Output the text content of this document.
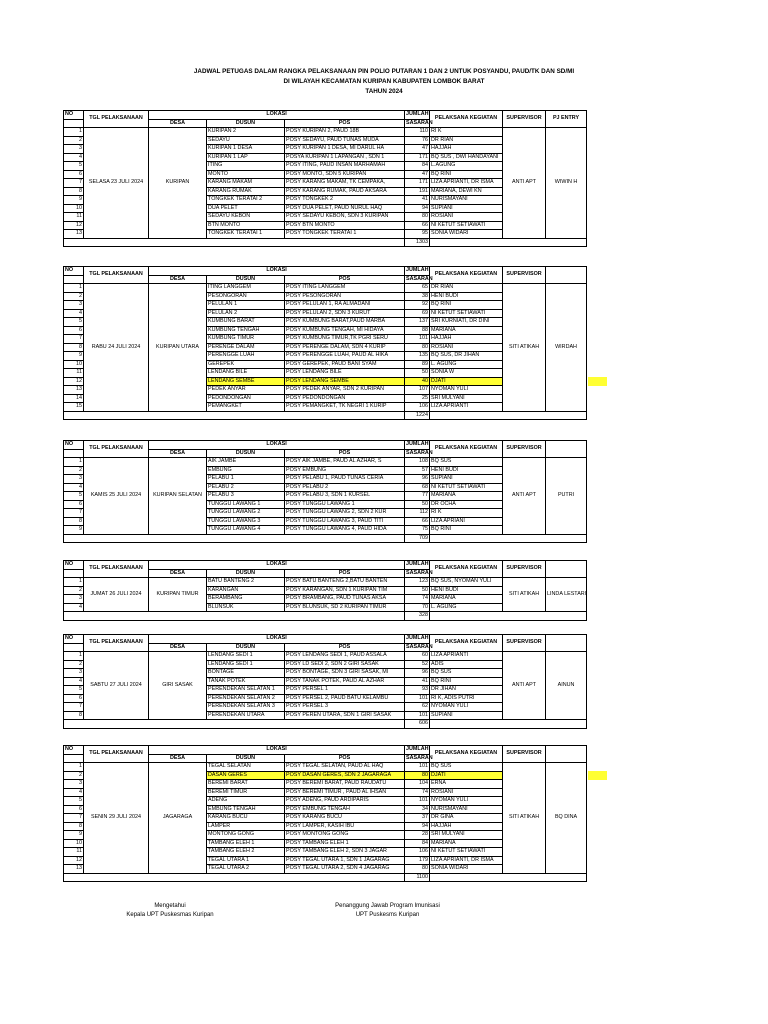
JADWAL PETUGAS DALAM RANGKA PELAKSANAAN PIN POLIO PUTARAN 1 DAN 2 UNTUK POSYANDU, PAUD/TK DAN SD/MI
DI WILAYAH KECAMATAN KURIPAN KABUPATEN LOMBOK BARAT
TAHUN 2024
NO	TGL PELAKSANAAN	LOKASI			JUMLAH	PELAKSANA KEGIATAN	SUPERVISOR	PJ ENTRY
		DESA	DUSUN	POS	SASARAN			
1	SELASA 23 JULI 2024	KURIPAN	KURIPAN 2	POSY KURIPAN 2, PAUD 18B	110	RI K	ANTI APT	WIWIN H
2			SEDAYU	POSY SEDAYU, PAUD TUNAS MUDA	76	DR RIAN		
3			KURIPAN 1 DESA	POSY KURIPAN 1 DESA, MI DARUL HA	47	HAJJAH		
4			KURIPAN 1 LAP	POSYA KURIPAN 1 LAPANGAN , SDN 1	171	BQ SUS , DWI HANDAYANI		
5			ITING	POSY ITING, PAUD INSAN MARHAMAH	84	L.AGUNG		
6			MONTO	POSY MONTO, SDN 5 KURIPAN	47	BQ RINI		
7			KARANG MAKAM	POSY KARANG MAKAM, TK CEMPAKA,	171	LIZA APRIANTI, DR ISMA		
8			KARANG RUMAK	POSY KARANG RUMAK, PAUD AKSARA	191	MARIANA, DEWI KN		
9			TONGKEK TERATAI 2	POSY TONGKEK 2	41	NURISMAYANI		
10			DUA PELET	POSY DUA PELET, PAUD NURUL HAQ	94	SUPIANI		
11			SEDAYU KEBON	POSY SEDAYU KEBON, SDN 3 KURIPAN	80	ROSIANI		
12			BTN MONTO	POSY BTN MONTO	66	NI KETUT SETIAWATI		
13			TONGKEK TERATAI 1	POSY TONGKEK TERATAI 1	95	SONIA WIDARI		
					1303			
NO	TGL PELAKSANAAN	LOKASI			JUMLAH	PELAKSANA KEGIATAN	SUPERVISOR	
		DESA	DUSUN	POS	SASARAN			
1	RABU 24 JULI 2024	KURIPAN UTARA	ITING LANGGEM	POSY ITING LANGGEM	65	DR RIAN	SITI ATIKAH	WIRDAH
2			PESONGORAN	POSY PESONGORAN	38	HENI BUDI		
3			PELULAN 1	POSY PELULAN 1, RA ALMADANI	92	BQ RINI		
4			PELULAN 2	POSY PELULAN 2, SDN 3 KURUT	69	NI KETUT SETIAWATI		
5			KUMBUNG BARAT	POSY KUMBUNG BARAT,PAUD MARBA	137	SRI KURNIATI, DR DINI		
6			KUMBUNG TENGAH	POSY KUMBUNG TENGAH, MI HIDAYA	88	MARIANA		
7			KUMBUNG TIMUR	POSY KUMBUNG TIMUR,TK PGRI SERU	101	HAJJAH		
8			PERENGE DALAM	POSY PERENGE DALAM, SDN 4 KURIP	80	ROSIANI		
9			PERENGGE LUAH	POSY PERENGGE LUAH, PAUD AL HIKA	135	BQ SUS, DR JIHAN		
10			GEREPEK	POSY GEREPEK, PAUD BANI SYAM	89	L. AGUNG		
11			LENDANG BILE	POSY LENDANG BILE	50	SONIA W		
12			LENDANG SEMBE	POSY LENDANG SEMBE	40	DJATI		
13			PEDEK ANYAR	POSY PEDEK ANYAR, SDN 2 KURIPAN	107	NYOMAN YULI		
14			PEDONDONGAN	POSY PEDONDONGAN	25	SRI MULYANI		
15			PEMANGKET	POSY PEMANGKET, TK NEGRI 1 KURIP	106	LIZA APRIANTI		
					1224			
NO	TGL PELAKSANAAN	LOKASI			JUMLAH	PELAKSANA KEGIATAN	SUPERVISOR	
		DESA	DUSUN	POS	SASARAN			
1	KAMIS 25 JULI 2024	KURIPAN SELATAN	AIK JAMBE	POSY AIK JAMBE, PAUD AL AZHAR, S	108	BQ SUS	ANTI APT	PUTRI
2			EMBUNG	POSY EMBUNG	57	HENI BUDI		
3			PELABU 1	POSY PELABU 1, PAUD TUNAS CERIA	96	SUPIANI		
4			PELABU 2	POSY PELABU 2	68	NI KETUT SETIAWATI		
5			PELABU 3	POSY PELABU 3, SDN 1 KURSEL	77	MARIANA		
6			TUNGGU LAWANG 1	POSY TUNGGU LAWANG 1	50	DR OCHA		
7			TUNGGU LAWANG 2	POSY TUNGGU LAWANG 2, SDN 2 KUR	112	RI K		
8			TUNGGU LAWANG 3	POSY TUNGGU LAWANG 3, PAUD TITI	66	LIZA APRIANI		
9			TUNGGU LAWANG 4	POSY TUNGGU LAWANG 4, PAUD HIDA	75	BQ RINI		
					709			
NO	TGL PELAKSANAAN	LOKASI			JUMLAH	PELAKSANA KEGIATAN	SUPERVISOR	
		DESA	DUSUN	POS	SASARAN			
1	JUMAT 26 JULI 2024	KURIPAN TIMUR	BATU BANTENG 2	POSY BATU BANTENG 2,BATU BANTEN	123	BQ SUS, NYOMAN YULI	SITI ATIKAH	LINDA LESTARI
2			KARANGAN	POSY KARANGAN, SDN 1 KURIPAN TIM	50	HENI BUDI		
3			BERAMBANG	POSY BRAMBANG, PAUD TUNAS AKSA	74	MARIANA		
4			BLUNSUK	POSY BLUNSUK, SD 2 KURIPAN TIMUR	70	L. AGUNG		
					328			
NO	TGL PELAKSANAAN	LOKASI			JUMLAH	PELAKSANA KEGIATAN	SUPERVISOR	
		DESA	DUSUN	POS	SASARAN			
1	SABTU 27 JULI 2024	GIRI SASAK	LENDANG SEDI 1	POSY LENDANG SEDI 1, PAUD ASSALA	60	LIZA APRIANTI	ANTI APT	AINUN
2			LENDANG SEDI 1	POSY LD SEDI 2, SDN 2 GIRI SASAK	52	ADIS		
3			BONTAGE	POSY BONTAGE, SDN 3 GIRI SASAK, MI	96	BQ SUS		
4			TANAK POTEK	POSY TANAK POTEK, PAUD AL AZHAR	41	BQ RINI		
5			PERENDEKAN SELATAN 1	POSY PERSEL 1	93	DR JIHAN		
6			PERENDEKAN SELATAN 2	POSY PERSEL 2, PAUD BATU KELAMBU	101	RI K, ADIS PUTRI		
7			PERENDEKAN SELATAN 3	POSY PERSEL 3	62	NYOMAN YULI		
8			PERENDEKAN UTARA	POSY PEREN UTARA, SDN 1 GIRI SASAK	101	SUPIANI		
					606			
NO	TGL PELAKSANAAN	LOKASI			JUMLAH	PELAKSANA KEGIATAN	SUPERVISOR	
		DESA	DUSUN	POS	SASARAN			
1	SENIN 29 JULI 2024	JAGARAGA	TEGAL SELATAN	POSY TEGAL SELATAN, PAUD AL HAQ	101	BQ SUS	SITI ATIKAH	BQ DINA
2			DASAN GERES	POSY DASAN GERES, SDN 2 JAGARAGA	80	DJATI		
3			BEREMI BARAT	POSY BEREMI BARAT, PAUD RAUDATU	104	ERNA		
4			BEREMI TIMUR	POSY BEREMI TIMUR , PAUD AL IHSAN	74	ROSIANI		
5			ADENG	POSY ADENG, PAUD ARDIPARIS	101	NYOMAN YULI		
6			EMBUNG TENGAH	POSY EMBUNG TENGAH	34	NURISMAYANI		
7			KARANG BUCU	POSY KARANG BUCU	37	DR GINA		
8			LAMPER	POSY LAMPER, KASIH IBU	94	HAJJAH		
9			MONTONG GONG	POSY MONTONG GONG	28	SRI MULYANI		
10			TAMBANG ELEH 1	POSY TAMBANG ELEH 1	84	MARIANA		
11			TAMBANG ELEH 2	POSY TAMBANG ELEH 2, SDN 3 JAGAR	106	NI KETUT SETIAWATI		
12			TEGAL UTARA 1	POSY TEGAL UTARA 1, SDN 1 JAGARAG	179	LIZA APRIANTI, DR ISMA		
13			TEGAL UTARA 2	POSY TEGAL UTARA 2, SDN 4 JAGARAG	80	SONIA WIDARI		
					1100			
Mengetahui
Kepala UPT Puskesmas Kuripan
Penanggung Jawab Program Imunisasi
UPT Puskesms Kuripan
